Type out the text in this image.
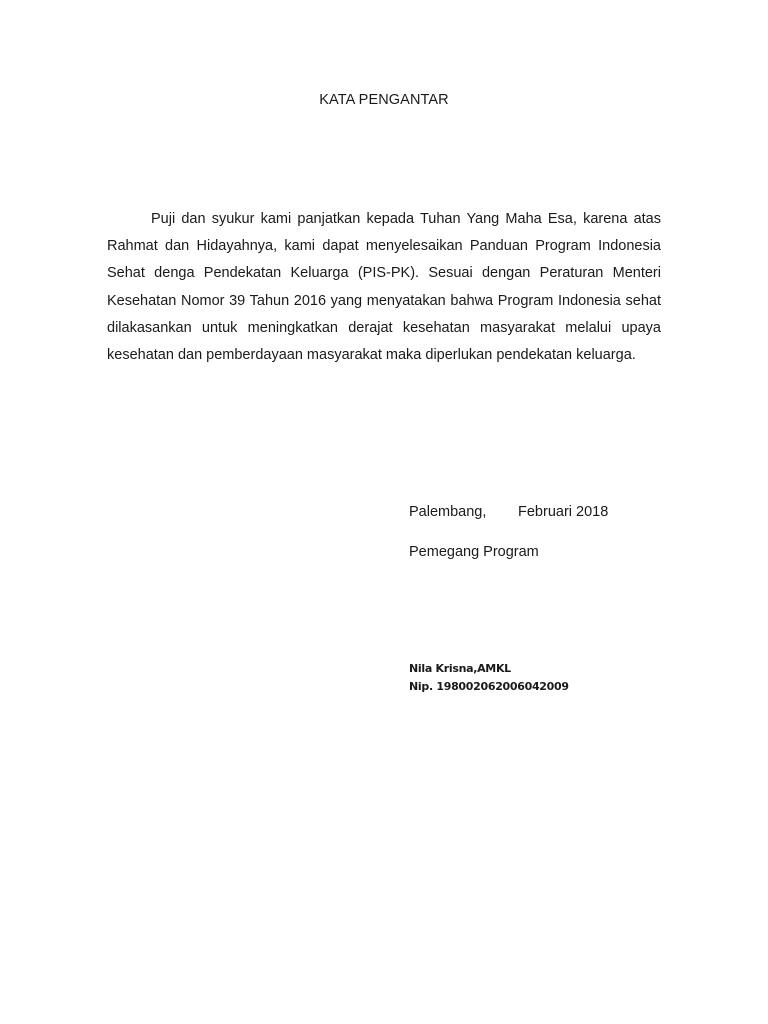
KATA PENGANTAR

Puji dan syukur kami panjatkan kepada Tuhan Yang Maha Esa, karena atas Rahmat dan Hidayahnya, kami dapat menyelesaikan Panduan Program Indonesia Sehat denga Pendekatan Keluarga (PIS-PK). Sesuai dengan Peraturan Menteri Kesehatan Nomor 39 Tahun 2016 yang menyatakan bahwa Program Indonesia sehat dilakasankan untuk meningkatkan derajat kesehatan masyarakat melalui upaya kesehatan dan pemberdayaan masyarakat maka diperlukan pendekatan keluarga.

Palembang, Februari 2018

Pemegang Program

Nila Krisna,AMKL

Nip. 198002062006042009
